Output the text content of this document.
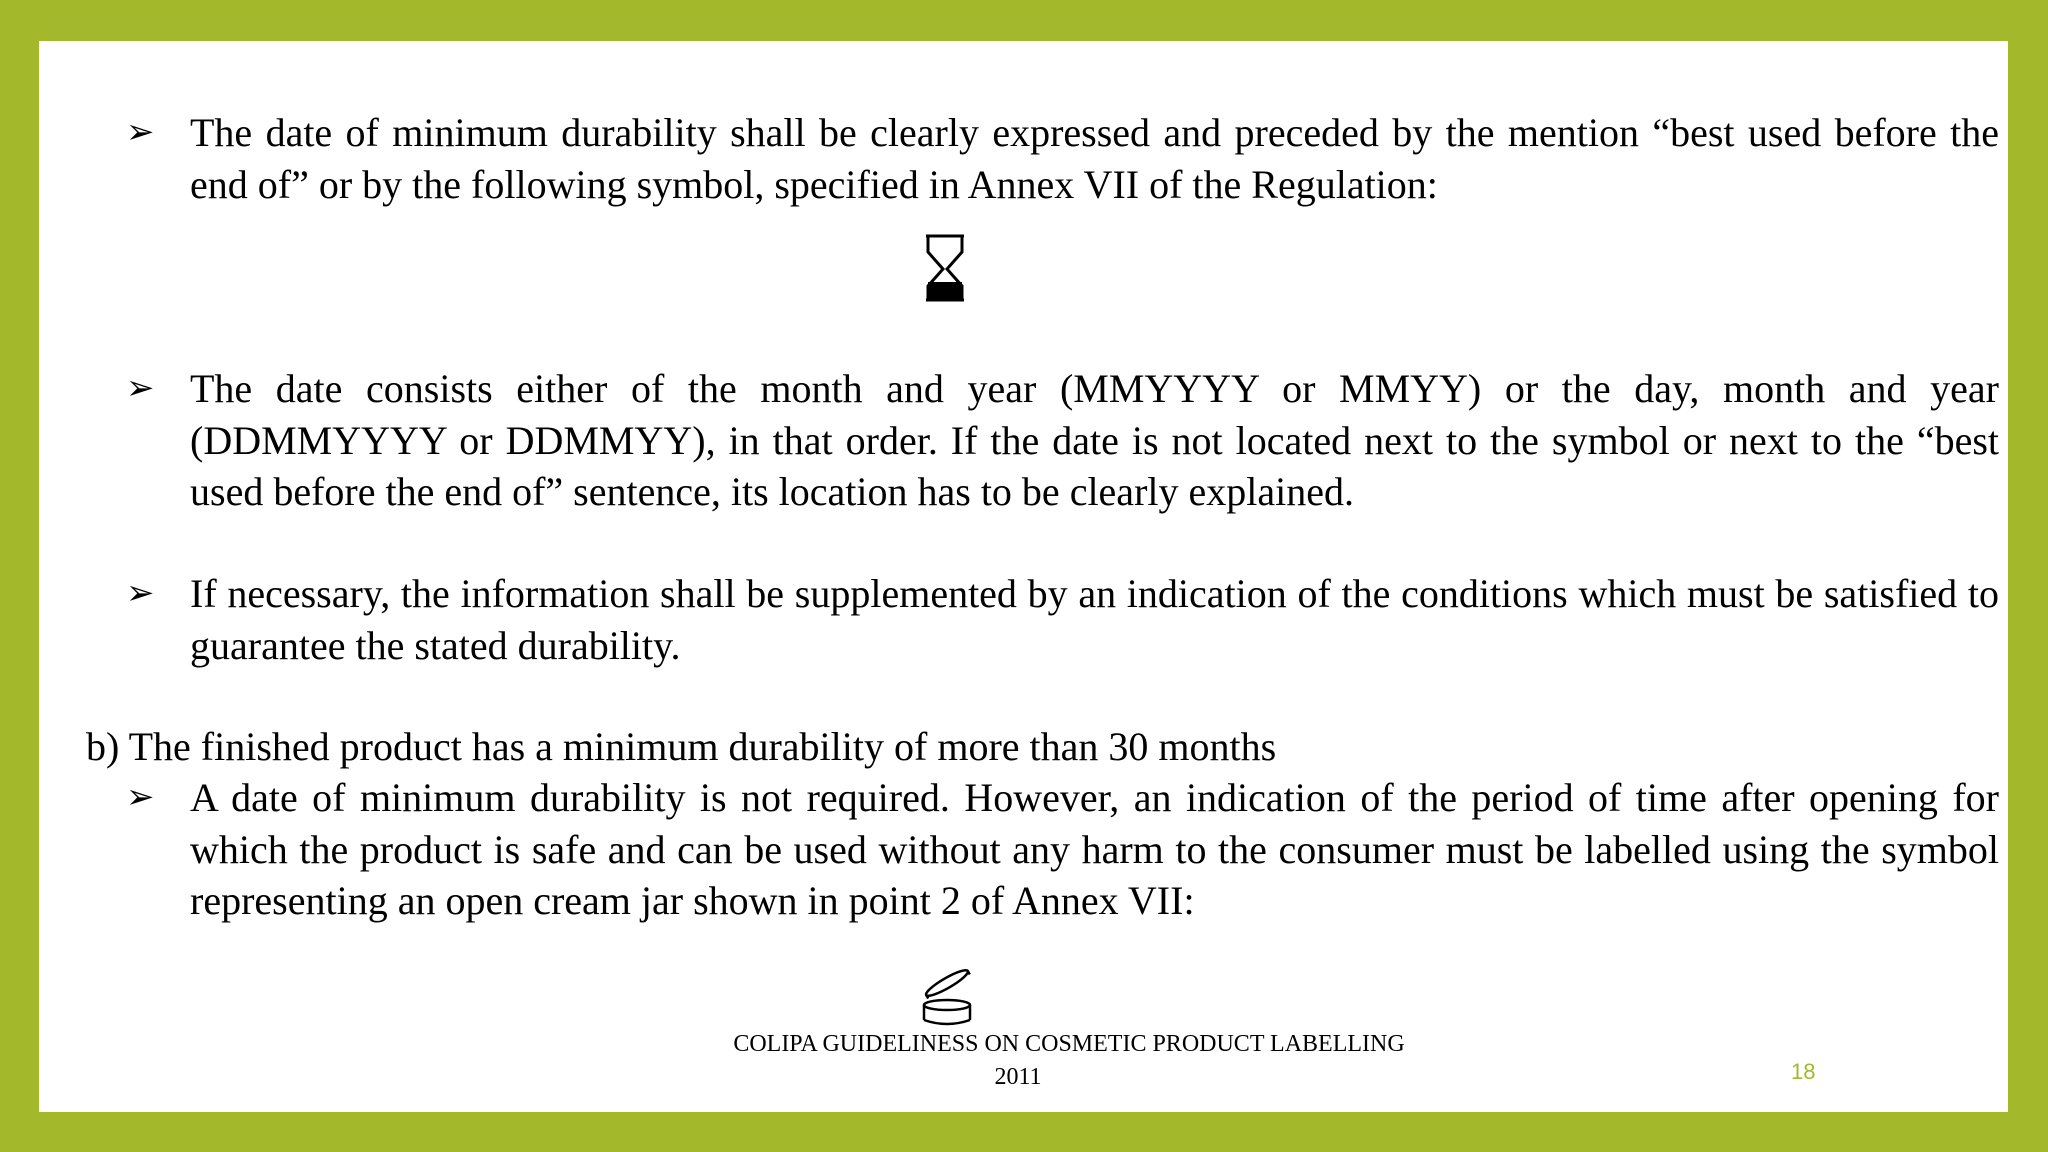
➢ The date of minimum durability shall be clearly expressed and preceded by the mention “best used before the end of” or by the following symbol, specified in Annex VII of the Regulation:

➢ The date consists either of the month and year (MMYYYY or MMYY) or the day, month and year (DDMMYYYY or DDMMYY), in that order. If the date is not located next to the symbol or next to the “best used before the end of” sentence, its location has to be clearly explained.

➢ If necessary, the information shall be supplemented by an indication of the conditions which must be satisfied to guarantee the stated durability.

b) The finished product has a minimum durability of more than 30 months

➢ A date of minimum durability is not required. However, an indication of the period of time after opening for which the product is safe and can be used without any harm to the consumer must be labelled using the symbol representing an open cream jar shown in point 2 of Annex VII:

COLIPA GUIDELINESS ON COSMETIC PRODUCT LABELLING
2011	18
